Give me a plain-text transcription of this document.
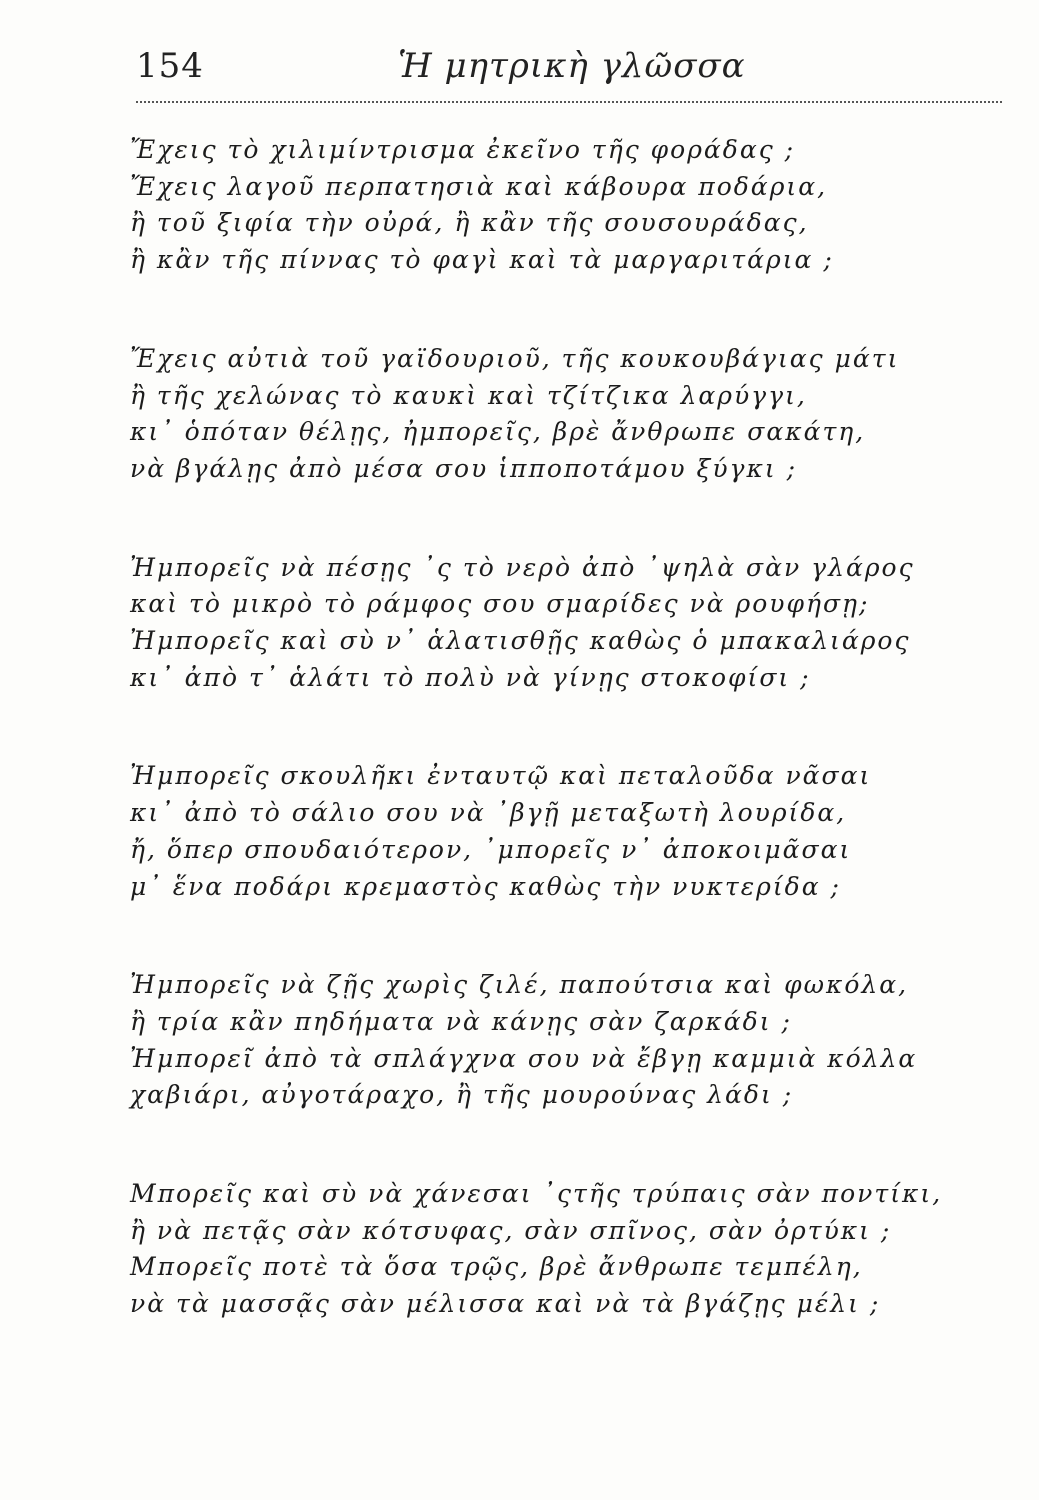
154	Ἡ μητρικὴ γλῶσσα
Ἔχεις τὸ χιλιμίντρισμα ἐκεῖνο τῆς φοράδας ;
Ἔχεις λαγοῦ περπατησιὰ καὶ κάβουρα ποδάρια,
ἢ τοῦ ξιφία τὴν οὐρά, ἢ κἂν τῆς σουσουράδας,
ἢ κἂν τῆς πίννας τὸ φαγὶ καὶ τὰ μαργαριτάρια ;
Ἔχεις αὐτιὰ τοῦ γαϊδουριοῦ, τῆς κουκουβάγιας μάτι
ἢ τῆς χελώνας τὸ καυκὶ καὶ τζίτζικα λαρύγγι,
κι᾽ ὁπόταν θέλῃς, ἠμπορεῖς, βρὲ ἄνθρωπε σακάτη,
νὰ βγάλῃς ἀπὸ μέσα σου ἱπποποτάμου ξύγκι ;
Ἠμπορεῖς νὰ πέσῃς ᾽ς τὸ νερὸ ἀπὸ ᾽ψηλὰ σὰν γλάρος
καὶ τὸ μικρὸ τὸ ράμφος σου σμαρίδες νὰ ρουφήσῃ;
Ἠμπορεῖς καὶ σὺ ν᾽ ἁλατισθῇς καθὼς ὁ μπακαλιάρος
κι᾽ ἀπὸ τ᾽ ἁλάτι τὸ πολὺ νὰ γίνῃς στοκοφίσι ;
Ἠμπορεῖς σκουλῆκι ἐνταυτῷ καὶ πεταλοῦδα νᾶσαι
κι᾽ ἀπὸ τὸ σάλιο σου νὰ ᾽βγῇ μεταξωτὴ λουρίδα,
ἤ, ὅπερ σπουδαιότερον, ᾽μπορεῖς ν᾽ ἀποκοιμᾶσαι
μ᾽ ἕνα ποδάρι κρεμαστὸς καθὼς τὴν νυκτερίδα ;
Ἠμπορεῖς νὰ ζῇς χωρὶς ζιλέ, παπούτσια καὶ φωκόλα,
ἢ τρία κἂν πηδήματα νὰ κάνῃς σὰν ζαρκάδι ;
Ἠμπορεῖ ἀπὸ τὰ σπλάγχνα σου νὰ ἔβγῃ καμμιὰ κόλλα
χαβιάρι, αὐγοτάραχο, ἢ τῆς μουρούνας λάδι ;
Μπορεῖς καὶ σὺ νὰ χάνεσαι ᾽ςτῆς τρύπαις σὰν ποντίκι,
ἢ νὰ πετᾷς σὰν κότσυφας, σὰν σπῖνος, σὰν ὀρτύκι ;
Μπορεῖς ποτὲ τὰ ὅσα τρῷς, βρὲ ἄνθρωπε τεμπέλη,
νὰ τὰ μασσᾷς σὰν μέλισσα καὶ νὰ τὰ βγάζῃς μέλι ;
